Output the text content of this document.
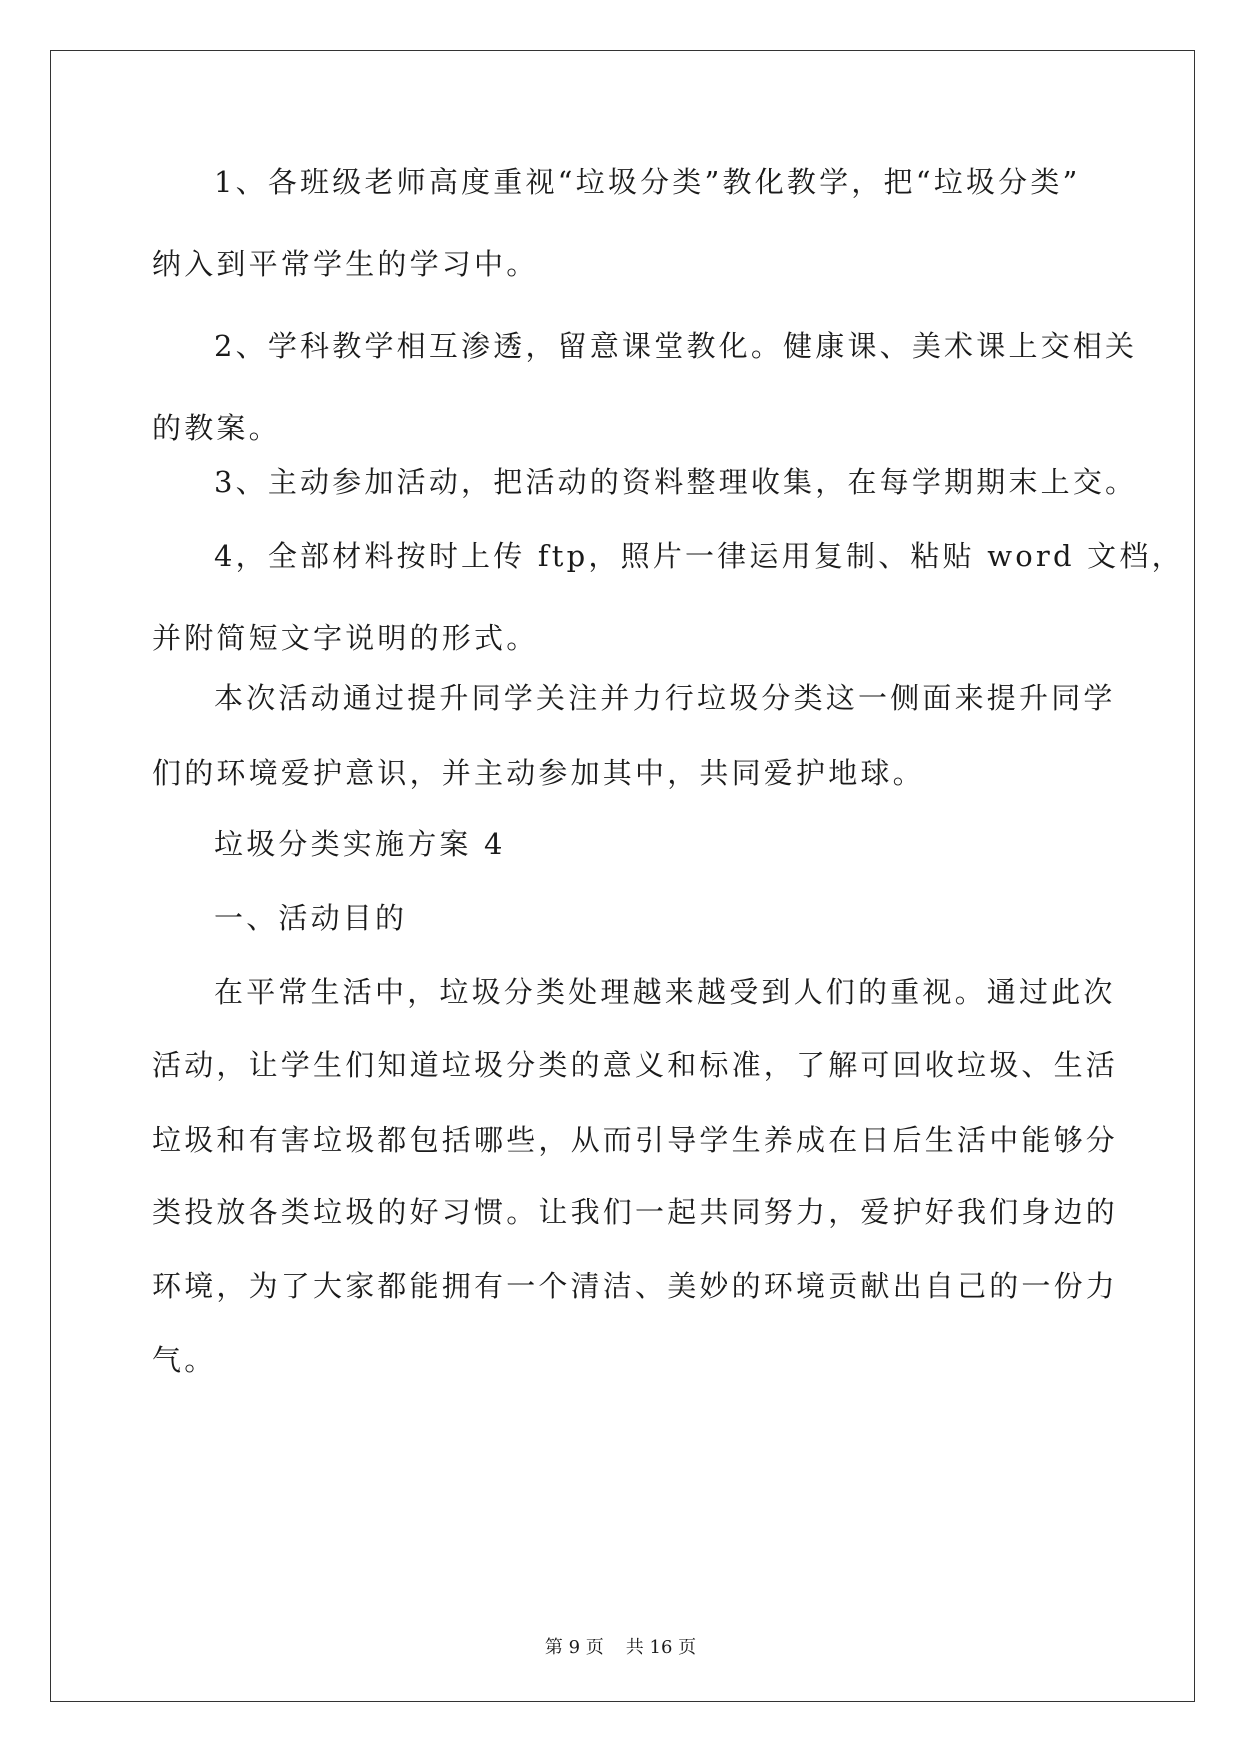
1、各班级老师高度重视“垃圾分类”教化教学，把“垃圾分类”
纳入到平常学生的学习中。
2、学科教学相互渗透，留意课堂教化。健康课、美术课上交相关
的教案。
3、主动参加活动，把活动的资料整理收集，在每学期期末上交。
4，全部材料按时上传 ftp，照片一律运用复制、粘贴 word 文档，
并附简短文字说明的形式。
本次活动通过提升同学关注并力行垃圾分类这一侧面来提升同学
们的环境爱护意识，并主动参加其中，共同爱护地球。
垃圾分类实施方案 4
一、活动目的
在平常生活中，垃圾分类处理越来越受到人们的重视。通过此次
活动，让学生们知道垃圾分类的意义和标准，了解可回收垃圾、生活
垃圾和有害垃圾都包括哪些，从而引导学生养成在日后生活中能够分
类投放各类垃圾的好习惯。让我们一起共同努力，爱护好我们身边的
环境，为了大家都能拥有一个清洁、美妙的环境贡献出自己的一份力
气。
第 9 页 共 16 页
